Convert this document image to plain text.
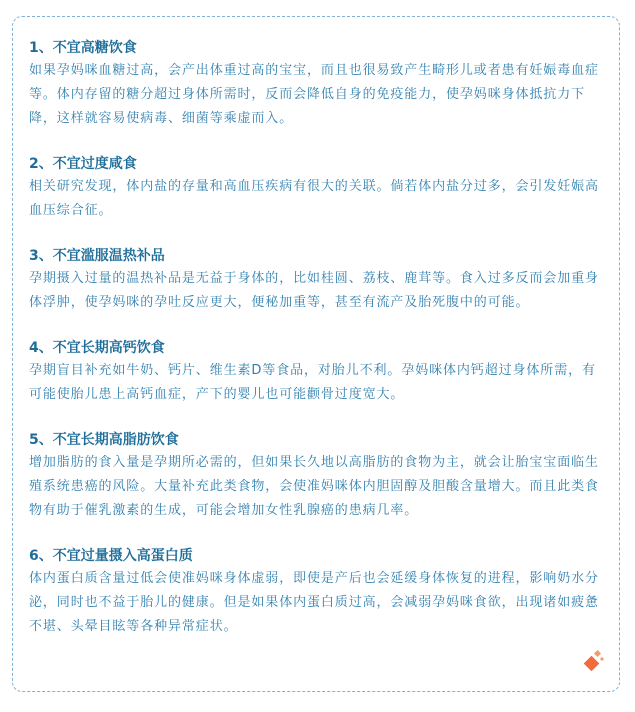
1、不宜高糖饮食

如果孕妈咪血糖过高，会产出体重过高的宝宝，而且也很易致产生畸形儿或者患有妊娠毒血症等。体内存留的糖分超过身体所需时，反而会降低自身的免疫能力，使孕妈咪身体抵抗力下降，这样就容易使病毒、细菌等乘虚而入。

2、不宜过度咸食

相关研究发现，体内盐的存量和高血压疾病有很大的关联。倘若体内盐分过多，会引发妊娠高血压综合征。

3、不宜滥服温热补品

孕期摄入过量的温热补品是无益于身体的，比如桂圆、荔枝、鹿茸等。食入过多反而会加重身体浮肿，使孕妈咪的孕吐反应更大，便秘加重等，甚至有流产及胎死腹中的可能。

4、不宜长期高钙饮食

孕期盲目补充如牛奶、钙片、维生素D等食品，对胎儿不利。孕妈咪体内钙超过身体所需，有可能使胎儿患上高钙血症，产下的婴儿也可能颧骨过度宽大。

5、不宜长期高脂肪饮食

增加脂肪的食入量是孕期所必需的，但如果长久地以高脂肪的食物为主，就会让胎宝宝面临生殖系统患癌的风险。大量补充此类食物，会使准妈咪体内胆固醇及胆酸含量增大。而且此类食物有助于催乳激素的生成，可能会增加女性乳腺癌的患病几率。

6、不宜过量摄入高蛋白质

体内蛋白质含量过低会使准妈咪身体虚弱，即使是产后也会延缓身体恢复的进程，影响奶水分泌，同时也不益于胎儿的健康。但是如果体内蛋白质过高，会减弱孕妈咪食欲，出现诸如疲惫不堪、头晕目眩等各种异常症状。
